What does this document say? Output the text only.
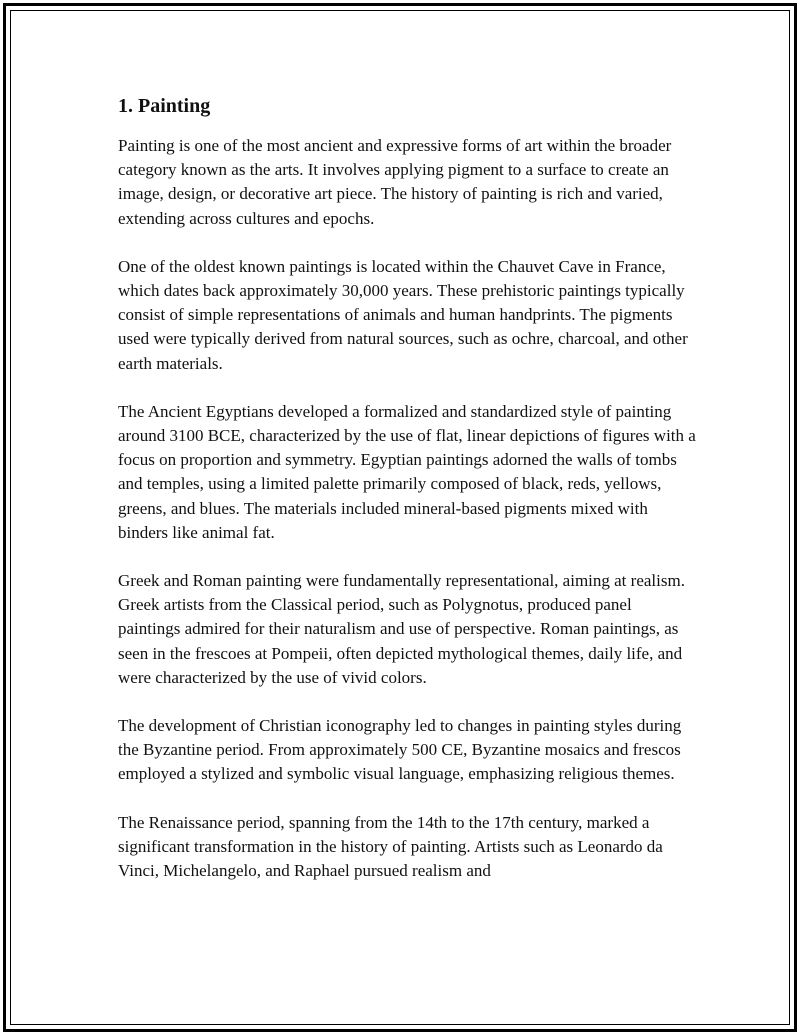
1. Painting

Painting is one of the most ancient and expressive forms of art within the broader category known as the arts. It involves applying pigment to a surface to create an image, design, or decorative art piece. The history of painting is rich and varied, extending across cultures and epochs.

One of the oldest known paintings is located within the Chauvet Cave in France, which dates back approximately 30,000 years. These prehistoric paintings typically consist of simple representations of animals and human handprints. The pigments used were typically derived from natural sources, such as ochre, charcoal, and other earth materials.

The Ancient Egyptians developed a formalized and standardized style of painting around 3100 BCE, characterized by the use of flat, linear depictions of figures with a focus on proportion and symmetry. Egyptian paintings adorned the walls of tombs and temples, using a limited palette primarily composed of black, reds, yellows, greens, and blues. The materials included mineral-based pigments mixed with binders like animal fat.

Greek and Roman painting were fundamentally representational, aiming at realism. Greek artists from the Classical period, such as Polygnotus, produced panel paintings admired for their naturalism and use of perspective. Roman paintings, as seen in the frescoes at Pompeii, often depicted mythological themes, daily life, and were characterized by the use of vivid colors.

The development of Christian iconography led to changes in painting styles during the Byzantine period. From approximately 500 CE, Byzantine mosaics and frescos employed a stylized and symbolic visual language, emphasizing religious themes.

The Renaissance period, spanning from the 14th to the 17th century, marked a significant transformation in the history of painting. Artists such as Leonardo da Vinci, Michelangelo, and Raphael pursued realism and
